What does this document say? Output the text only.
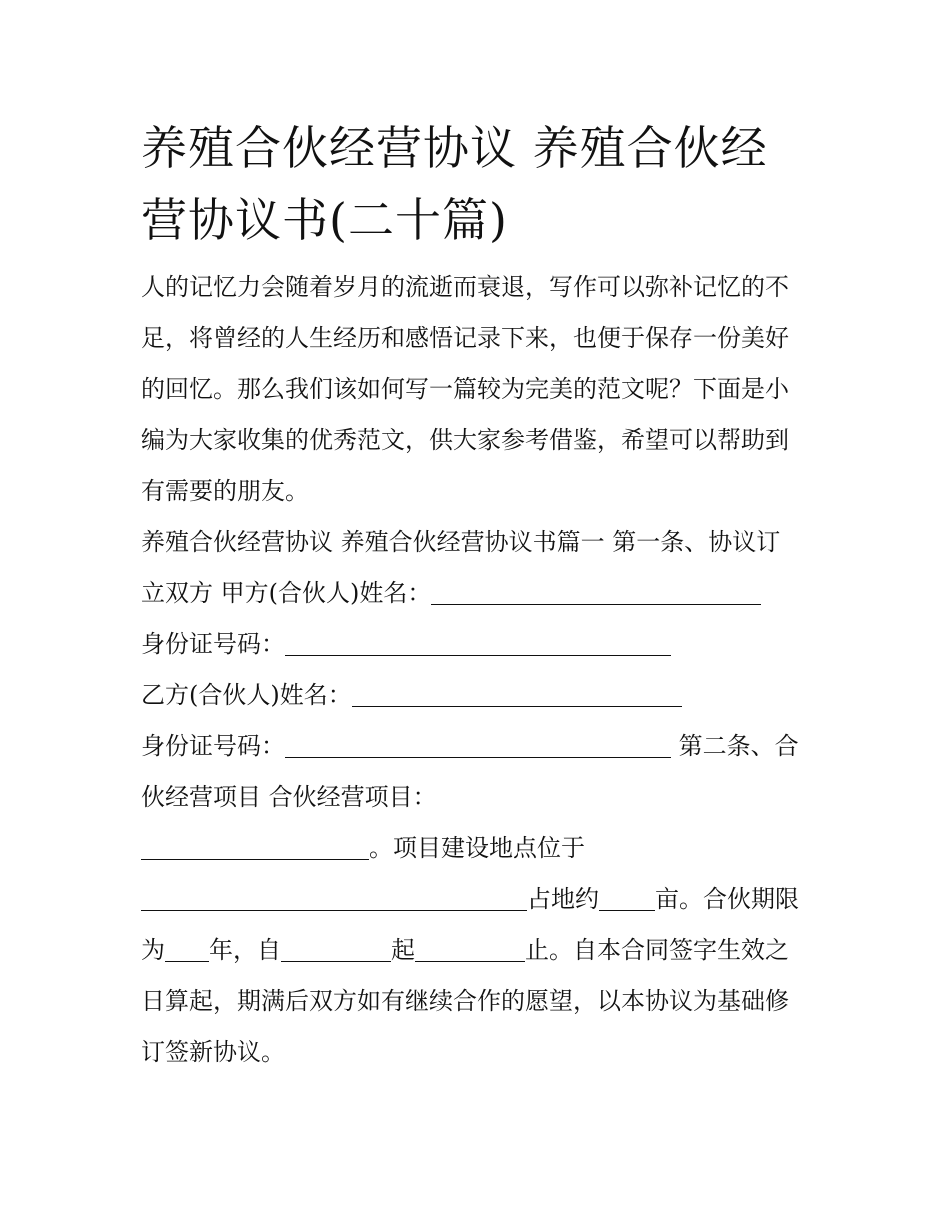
养殖合伙经营协议 养殖合伙经
营协议书(二十篇)

人的记忆力会随着岁月的流逝而衰退，写作可以弥补记忆的不

足，将曾经的人生经历和感悟记录下来，也便于保存一份美好

的回忆。那么我们该如何写一篇较为完美的范文呢？下面是小

编为大家收集的优秀范文，供大家参考借鉴，希望可以帮助到

有需要的朋友。

养殖合伙经营协议 养殖合伙经营协议书篇一 第一条、协议订

立双方 甲方(合伙人)姓名：

身份证号码：

乙方(合伙人)姓名：

身份证号码：	第二条、合

伙经营项目 合伙经营项目：

。项目建设地点位于

占地约 亩。合伙期限

为 年，自	起	止。自本合同签字生效之

日算起，期满后双方如有继续合作的愿望，以本协议为基础修

订签新协议。
